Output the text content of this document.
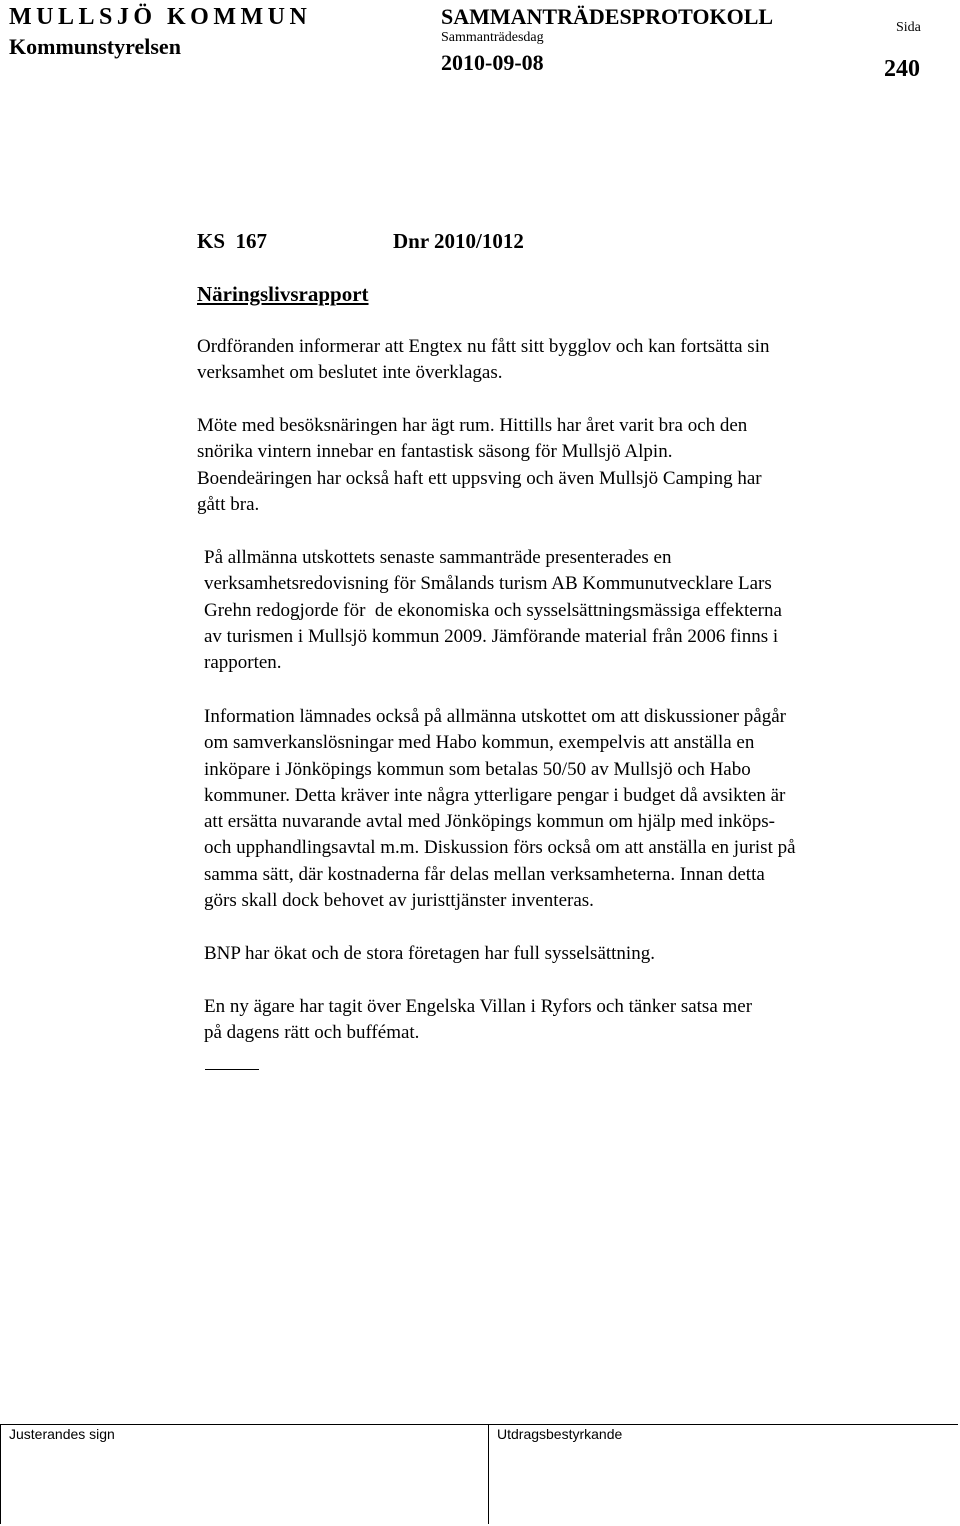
MULLSJÖ KOMMUN
Kommunstyrelsen
SAMMANTRÄDESPROTOKOLL
Sammanträdesdag
2010-09-08
Sida
240
KS  167	Dnr 2010/1012
Näringslivsrapport
Ordföranden informerar att Engtex nu fått sitt bygglov och kan fortsätta sin
verksamhet om beslutet inte överklagas.
Möte med besöksnäringen har ägt rum. Hittills har året varit bra och den
snörika vintern innebar en fantastisk säsong för Mullsjö Alpin.
Boendeäringen har också haft ett uppsving och även Mullsjö Camping har
gått bra.
På allmänna utskottets senaste sammanträde presenterades en
verksamhetsredovisning för Smålands turism AB Kommunutvecklare Lars
Grehn redogjorde för  de ekonomiska och sysselsättningsmässiga effekterna
av turismen i Mullsjö kommun 2009. Jämförande material från 2006 finns i
rapporten.
Information lämnades också på allmänna utskottet om att diskussioner pågår
om samverkanslösningar med Habo kommun, exempelvis att anställa en
inköpare i Jönköpings kommun som betalas 50/50 av Mullsjö och Habo
kommuner. Detta kräver inte några ytterligare pengar i budget då avsikten är
att ersätta nuvarande avtal med Jönköpings kommun om hjälp med inköps-
och upphandlingsavtal m.m. Diskussion förs också om att anställa en jurist på
samma sätt, där kostnaderna får delas mellan verksamheterna. Innan detta
görs skall dock behovet av juristtjänster inventeras.
BNP har ökat och de stora företagen har full sysselsättning.
En ny ägare har tagit över Engelska Villan i Ryfors och tänker satsa mer
på dagens rätt och buffémat.
Justerandes sign	Utdragsbestyrkande
